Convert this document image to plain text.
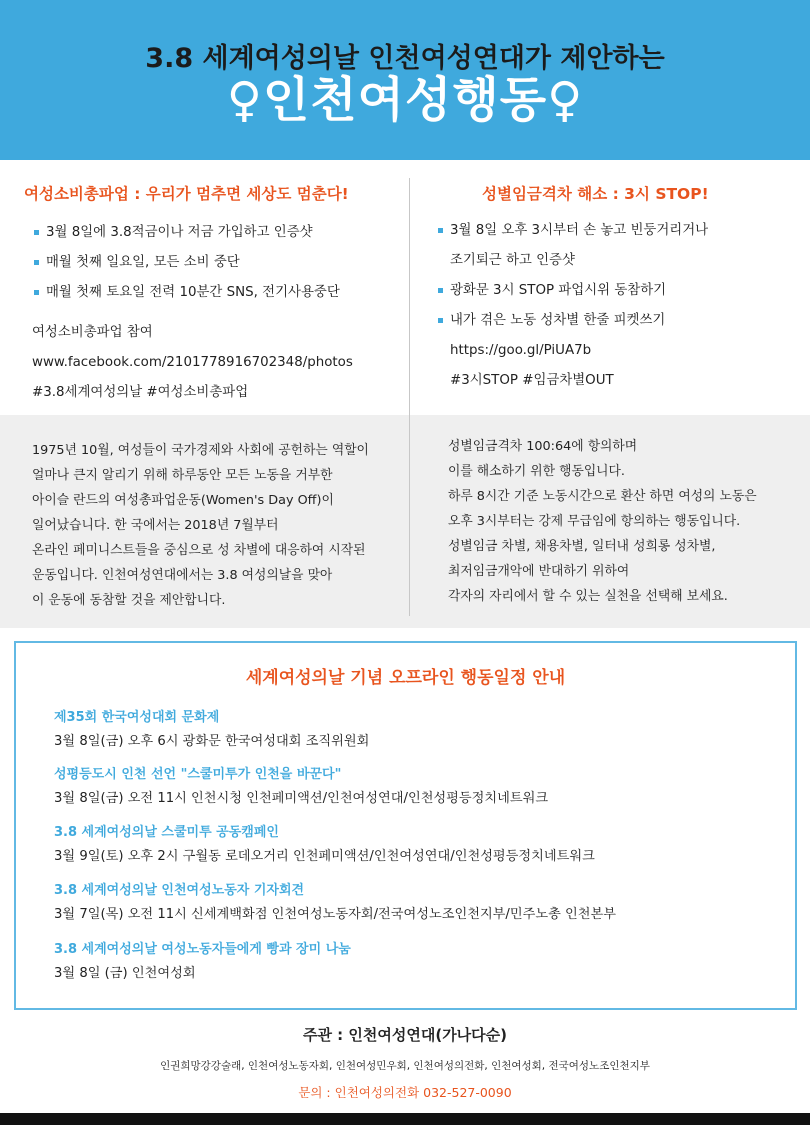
3.8 세계여성의날 인천여성연대가 제안하는
♀인천여성행동♀
여성소비총파업 : 우리가 멈추면 세상도 멈춘다!
3월 8일에 3.8적금이나 저금 가입하고 인증샷
매월 첫째 일요일, 모든 소비 중단
매월 첫째 토요일 전력 10분간 SNS, 전기사용중단
여성소비총파업 참여
www.facebook.com/2101778916702348/photos
#3.8세계여성의날 #여성소비총파업
1975년 10월, 여성들이 국가경제와 사회에 공헌하는 역할이
얼마나 큰지 알리기 위해 하루동안 모든 노동을 거부한
아이슬 란드의 여성총파업운동(Women's Day Off)이
일어났습니다. 한 국에서는 2018년 7월부터
온라인 페미니스트들을 중심으로 성 차별에 대응하여 시작된
운동입니다. 인천여성연대에서는 3.8 여성의날을 맞아
이 운동에 동참할 것을 제안합니다.
성별임금격차 해소 : 3시 STOP!
3월 8일 오후 3시부터 손 놓고 빈둥거리거나
조기퇴근 하고 인증샷
광화문 3시 STOP 파업시위 동참하기
내가 겪은 노동 성차별 한줄 피켓쓰기
https://goo.gl/PiUA7b
#3시STOP #임금차별OUT
성별임금격차 100:64에 항의하며
이를 해소하기 위한 행동입니다.
하루 8시간 기준 노동시간으로 환산 하면 여성의 노동은
오후 3시부터는 강제 무급임에 항의하는 행동입니다.
성별임금 차별, 채용차별, 일터내 성희롱 성차별,
최저임금개악에 반대하기 위하여
각자의 자리에서 할 수 있는 실천을 선택해 보세요.
세계여성의날 기념 오프라인 행동일정 안내
제35회 한국여성대회 문화제
3월 8일(금) 오후 6시 광화문 한국여성대회 조직위원회
성평등도시 인천 선언 "스쿨미투가 인천을 바꾼다"
3월 8일(금) 오전 11시 인천시청 인천페미액션/인천여성연대/인천성평등정치네트워크
3.8 세계여성의날 스쿨미투 공동캠페인
3월 9일(토) 오후 2시 구월동 로데오거리 인천페미액션/인천여성연대/인천성평등정치네트워크
3.8 세계여성의날 인천여성노동자 기자회견
3월 7일(목) 오전 11시 신세계백화점 인천여성노동자회/전국여성노조인천지부/민주노총 인천본부
3.8 세계여성의날 여성노동자들에게 빵과 장미 나눔
3월 8일 (금) 인천여성회
주관 : 인천여성연대(가나다순)
인권희망강강술래, 인천여성노동자회, 인천여성민우회, 인천여성의전화, 인천여성회, 전국여성노조인천지부
문의 : 인천여성의전화 032-527-0090
